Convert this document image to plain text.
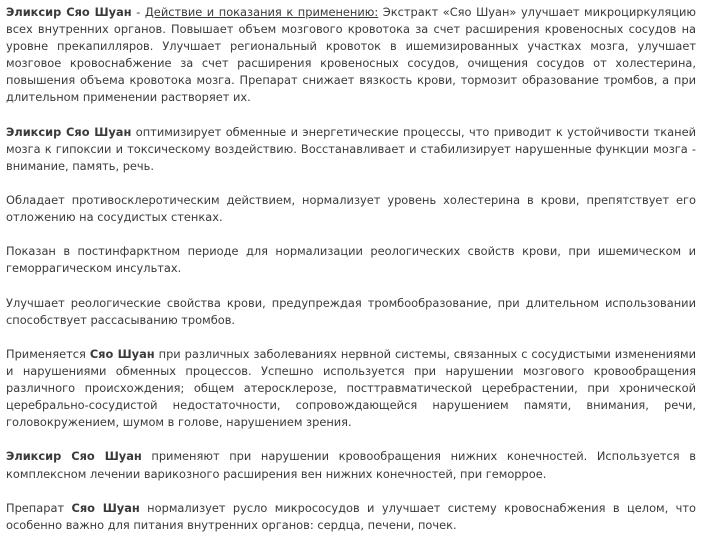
Эликсир Сяо Шуан - Действие и показания к применению: Экстракт «Сяо Шуан» улучшает микроциркуляцию всех внутренних органов. Повышает объем мозгового кровотока за счет расширения кровеносных сосудов на уровне прекапилляров. Улучшает региональный кровоток в ишемизированных участках мозга, улучшает мозговое кровоснабжение за счет расширения кровеносных сосудов, очищения сосудов от холестерина, повышения объема кровотока мозга. Препарат снижает вязкость крови, тормозит образование тромбов, а при длительном применении растворяет их.

Эликсир Сяо Шуан оптимизирует обменные и энергетические процессы, что приводит к устойчивости тканей мозга к гипоксии и токсическому воздействию. Восстанавливает и стабилизирует нарушенные функции мозга - внимание, память, речь.

Обладает противосклеротическим действием, нормализует уровень холестерина в крови, препятствует его отложению на сосудистых стенках.

Показан в постинфарктном периоде для нормализации реологических свойств крови, при ишемическом и геморрагическом инсультах.

Улучшает реологические свойства крови, предупреждая тромбообразование, при длительном использовании способствует рассасыванию тромбов.

Применяется Сяо Шуан при различных заболеваниях нервной системы, связанных с сосудистыми изменениями и нарушениями обменных процессов. Успешно используется при нарушении мозгового кровообращения различного происхождения; общем атеросклерозе, посттравматической церебрастении, при хронической церебрально-сосудистой недостаточности, сопровождающейся нарушением памяти, внимания, речи, головокружением, шумом в голове, нарушением зрения.

Эликсир Сяо Шуан применяют при нарушении кровообращения нижних конечностей. Используется в комплексном лечении варикозного расширения вен нижних конечностей, при геморрое.

Препарат Сяо Шуан нормализует русло микрососудов и улучшает систему кровоснабжения в целом, что особенно важно для питания внутренних органов: сердца, печени, почек.
